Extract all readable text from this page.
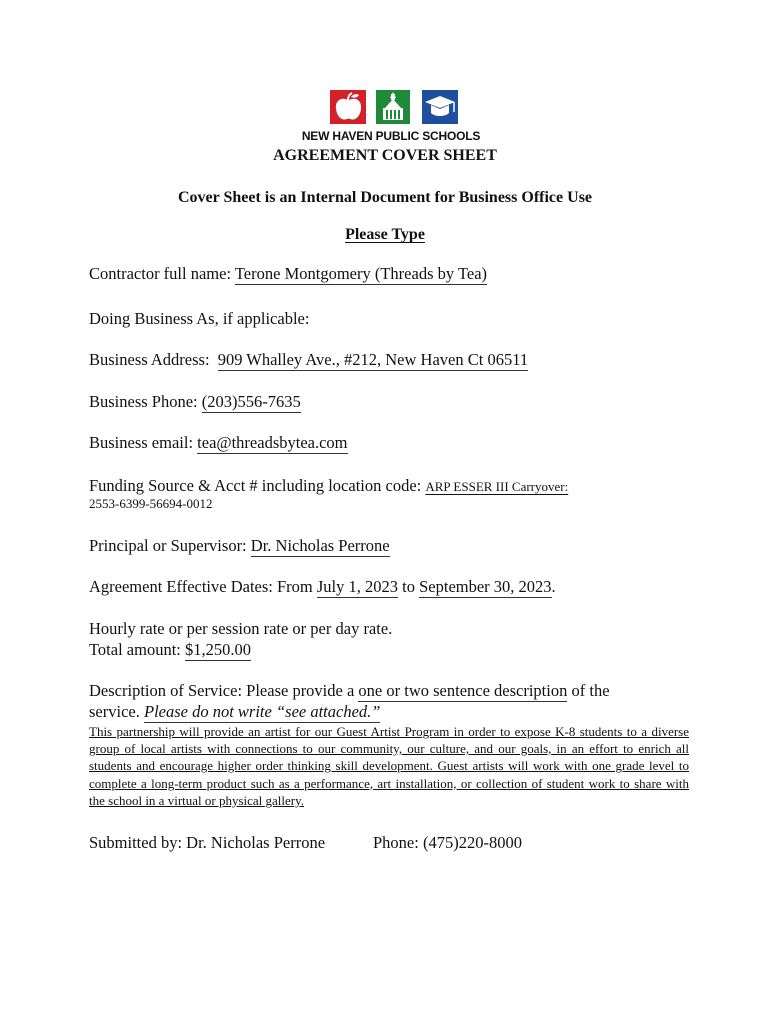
NEW HAVEN PUBLIC SCHOOLS
AGREEMENT COVER SHEET
Cover Sheet is an Internal Document for Business Office Use
Please Type
Contractor full name: Terone Montgomery (Threads by Tea)
Doing Business As, if applicable:
Business Address: 909 Whalley Ave., #212, New Haven Ct 06511
Business Phone: (203)556-7635
Business email: tea@threadsbytea.com
Funding Source & Acct # including location code: ARP ESSER III Carryover:
2553-6399-56694-0012
Principal or Supervisor: Dr. Nicholas Perrone
Agreement Effective Dates: From July 1, 2023 to September 30, 2023.
Hourly rate or per session rate or per day rate.
Total amount: $1,250.00
Description of Service: Please provide a one or two sentence description of the
service. Please do not write “see attached.”
This partnership will provide an artist for our Guest Artist Program in order to expose K-8 students to a diverse group of local artists with connections to our community, our culture, and our goals, in an effort to enrich all students and encourage higher order thinking skill development. Guest artists will work with one grade level to complete a long-term product such as a performance, art installation, or collection of student work to share with the school in a virtual or physical gallery.
Submitted by: Dr. Nicholas Perrone	Phone: (475)220-8000
